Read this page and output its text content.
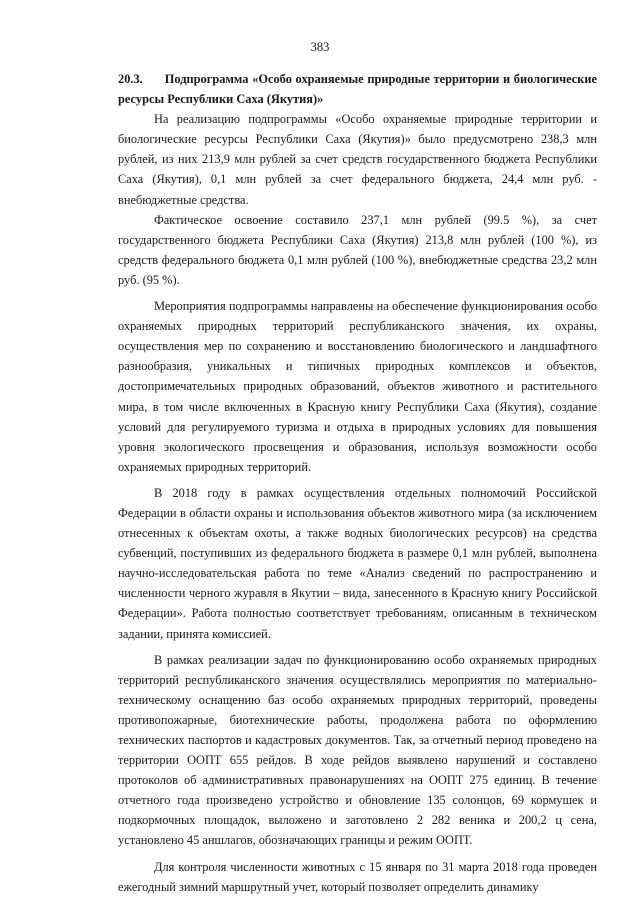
383

20.3. Подпрограмма «Особо охраняемые природные территории и биологические ресурсы Республики Саха (Якутия)»

На реализацию подпрограммы «Особо охраняемые природные территории и биологические ресурсы Республики Саха (Якутия)» было предусмотрено 238,3 млн рублей, из них 213,9 млн рублей за счет средств государственного бюджета Республики Саха (Якутия), 0,1 млн рублей за счет федерального бюджета, 24,4 млн руб. - внебюджетные средства.

Фактическое освоение составило 237,1 млн рублей (99.5 %), за счет государственного бюджета Республики Саха (Якутия) 213,8 млн рублей (100 %), из средств федерального бюджета 0,1 млн рублей (100 %), внебюджетные средства 23,2 млн руб. (95 %).

Мероприятия подпрограммы направлены на обеспечение функционирования особо охраняемых природных территорий республиканского значения, их охраны, осуществления мер по сохранению и восстановлению биологического и ландшафтного разнообразия, уникальных и типичных природных комплексов и объектов, достопримечательных природных образований, объектов животного и растительного мира, в том числе включенных в Красную книгу Республики Саха (Якутия), создание условий для регулируемого туризма и отдыха в природных условиях для повышения уровня экологического просвещения и образования, используя возможности особо охраняемых природных территорий.

В 2018 году в рамках осуществления отдельных полномочий Российской Федерации в области охраны и использования объектов животного мира (за исключением отнесенных к объектам охоты, а также водных биологических ресурсов) на средства субвенций, поступивших из федерального бюджета в размере 0,1 млн рублей, выполнена научно-исследовательская работа по теме «Анализ сведений по распространению и численности черного журавля в Якутии – вида, занесенного в Красную книгу Российской Федерации». Работа полностью соответствует требованиям, описанным в техническом задании, принята комиссией.

В рамках реализации задач по функционированию особо охраняемых природных территорий республиканского значения осуществлялись мероприятия по материально-техническому оснащению баз особо охраняемых природных территорий, проведены противопожарные, биотехнические работы, продолжена работа по оформлению технических паспортов и кадастровых документов. Так, за отчетный период проведено на территории ООПТ 655 рейдов. В ходе рейдов выявлено нарушений и составлено протоколов об административных правонарушениях на ООПТ 275 единиц. В течение отчетного года произведено устройство и обновление 135 солонцов, 69 кормушек и подкормочных площадок, выложено и заготовлено 2 282 веника и 200,2 ц сена, установлено 45 аншлагов, обозначающих границы и режим ООПТ.

Для контроля численности животных с 15 января по 31 марта 2018 года проведен ежегодный зимний маршрутный учет, который позволяет определить динамику
